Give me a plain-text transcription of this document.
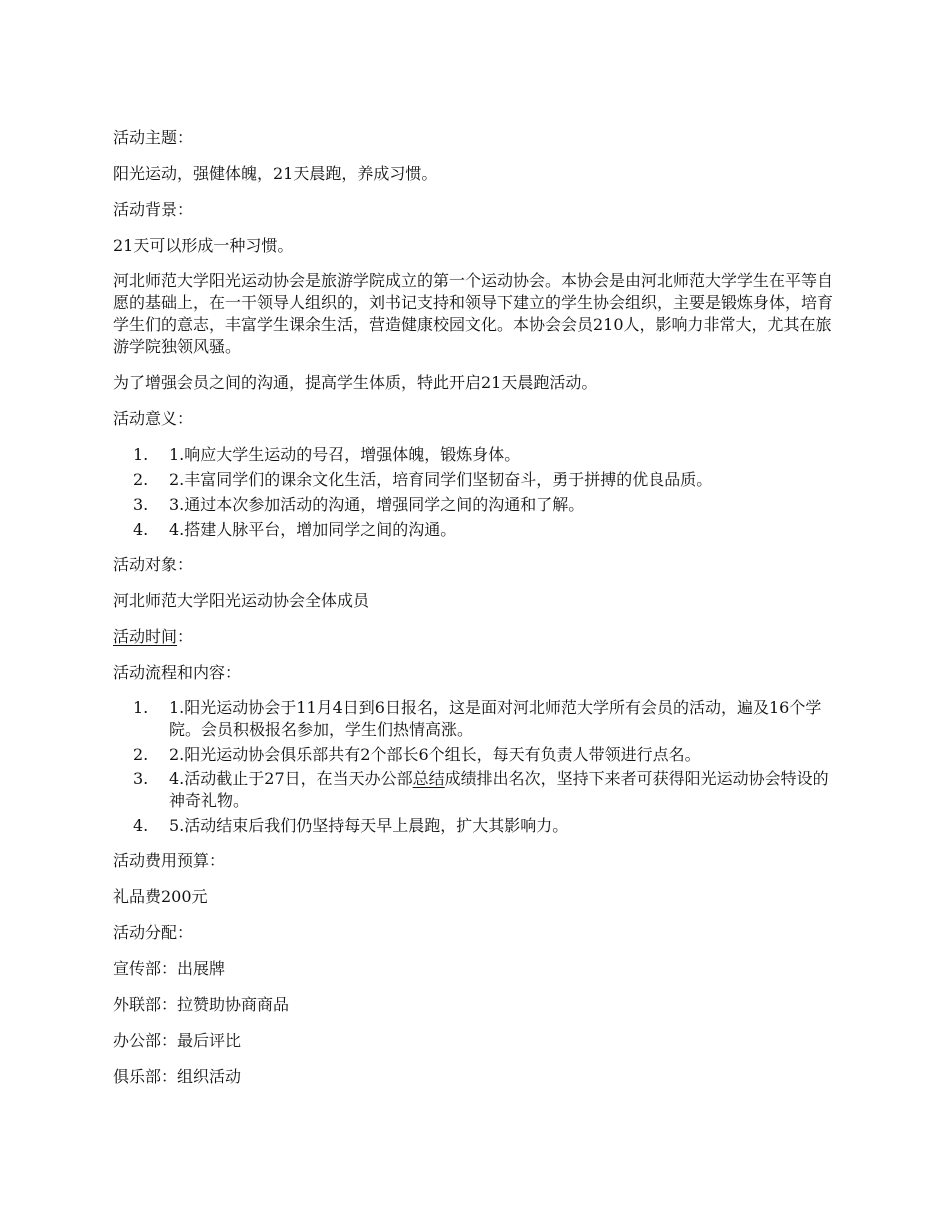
活动主题：

阳光运动，强健体魄，21天晨跑，养成习惯。

活动背景：

21天可以形成一种习惯。

河北师范大学阳光运动协会是旅游学院成立的第一个运动协会。本协会是由河北师范大学学生在平等自愿的基础上，在一干领导人组织的，刘书记支持和领导下建立的学生协会组织，主要是锻炼身体，培育学生们的意志，丰富学生课余生活，营造健康校园文化。本协会会员210人，影响力非常大，尤其在旅游学院独领风骚。

为了增强会员之间的沟通，提高学生体质，特此开启21天晨跑活动。

活动意义：

1. 1.响应大学生运动的号召，增强体魄，锻炼身体。
2. 2.丰富同学们的课余文化生活，培育同学们坚韧奋斗，勇于拼搏的优良品质。
3. 3.通过本次参加活动的沟通，增强同学之间的沟通和了解。
4. 4.搭建人脉平台，增加同学之间的沟通。

活动对象：

河北师范大学阳光运动协会全体成员

活动时间：

活动流程和内容：

1. 1.阳光运动协会于11月4日到6日报名，这是面对河北师范大学所有会员的活动，遍及16个学院。会员积极报名参加，学生们热情高涨。
2. 2.阳光运动协会俱乐部共有2个部长6个组长，每天有负责人带领进行点名。
3. 4.活动截止于27日，在当天办公部总结成绩排出名次，坚持下来者可获得阳光运动协会特设的神奇礼物。
4. 5.活动结束后我们仍坚持每天早上晨跑，扩大其影响力。

活动费用预算：

礼品费200元

活动分配：

宣传部：出展牌

外联部：拉赞助协商商品

办公部：最后评比

俱乐部：组织活动
